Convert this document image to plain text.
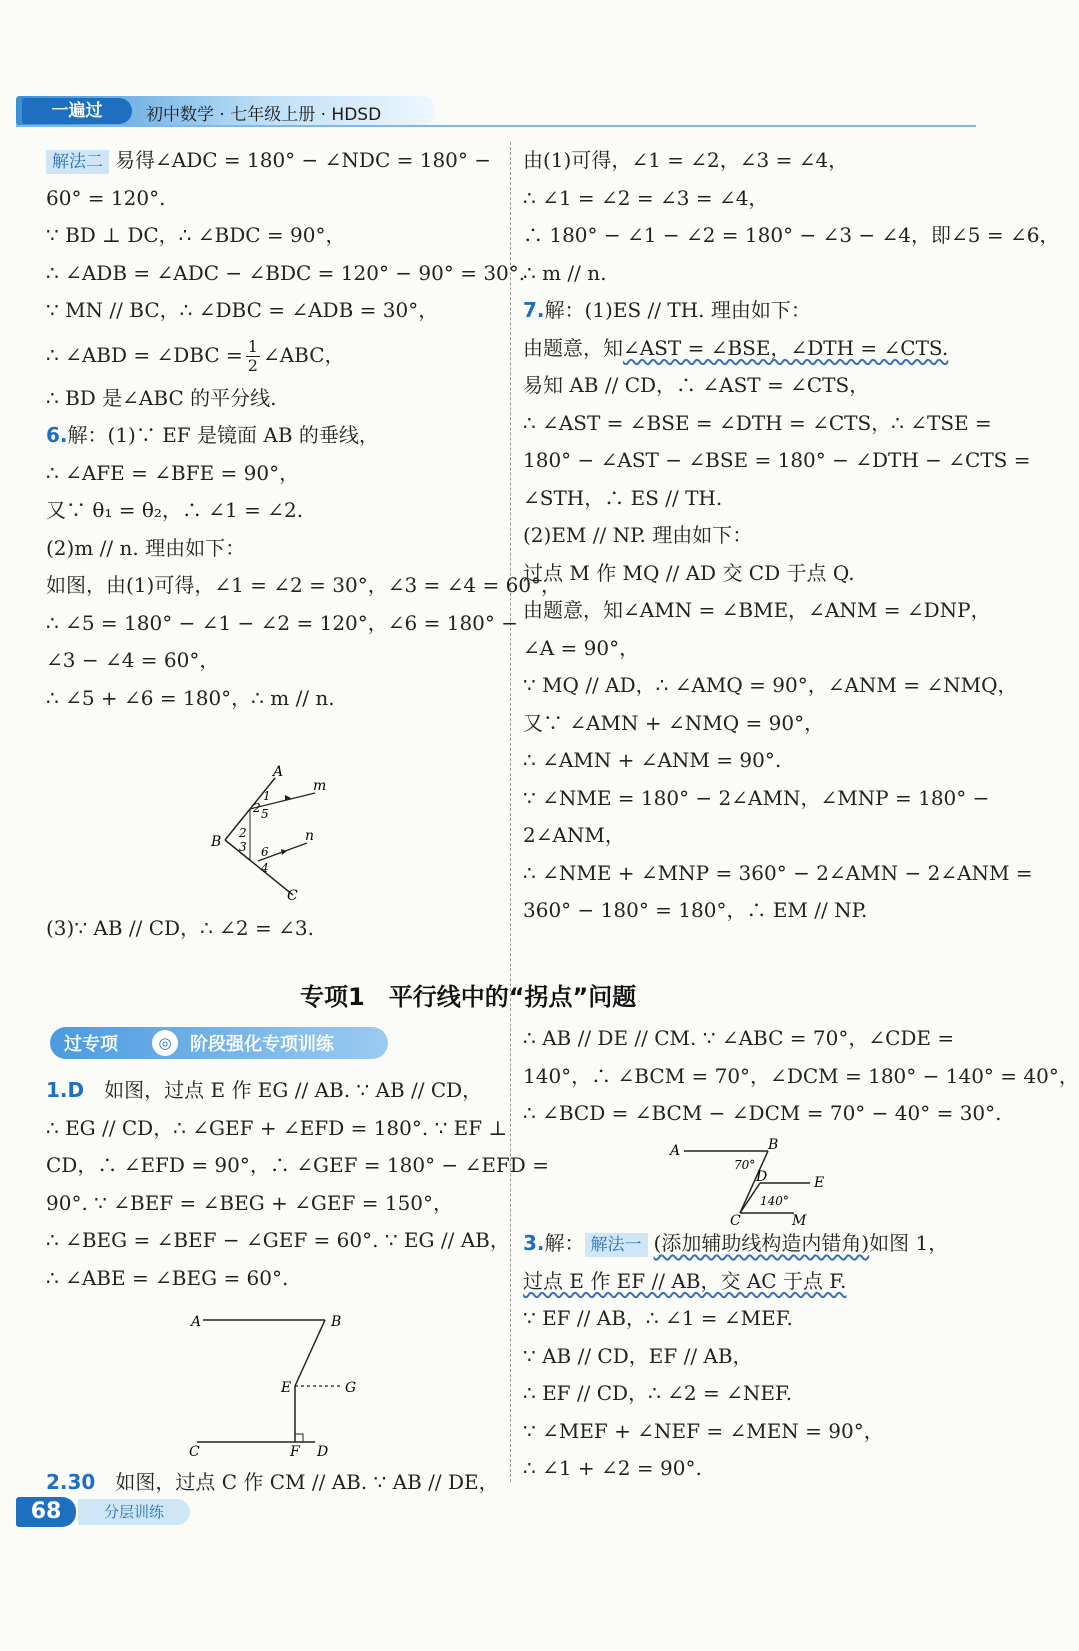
一遍过	初中数学 · 七年级上册 · HDSD
解法二 易得∠ADC = 180° − ∠NDC = 180° −
60° = 120°.
∵ BD ⊥ DC，∴ ∠BDC = 90°，
∴ ∠ADB = ∠ADC − ∠BDC = 120° − 90° = 30°.
∵ MN // BC，∴ ∠DBC = ∠ADB = 30°，
∴ ∠ABD = ∠DBC = $\frac{1}{2}$ ∠ABC，
∴ BD 是∠ABC 的平分线.
6.解：(1)∵ EF 是镜面 AB 的垂线，
∴ ∠AFE = ∠BFE = 90°，
又∵ θ₁ = θ₂，∴ ∠1 = ∠2.
(2)m // n. 理由如下：
如图，由(1)可得，∠1 = ∠2 = 30°，∠3 = ∠4 = 60°，
∴ ∠5 = 180° − ∠1 − ∠2 = 120°，∠6 = 180° −
∠3 − ∠4 = 60°，
∴ ∠5 + ∠6 = 180°，∴ m // n.
A
B
C
m
n
1
2 5
2
3 6
4
(3)∵ AB // CD，∴ ∠2 = ∠3.
专项1　平行线中的“拐点”问题
过专项	◎	阶段强化专项训练
1.D　 如图，过点 E 作 EG // AB. ∵ AB // CD，
∴ EG // CD，∴ ∠GEF + ∠EFD = 180°. ∵ EF ⊥
CD，∴ ∠EFD = 90°，∴ ∠GEF = 180° − ∠EFD =
90°. ∵ ∠BEF = ∠BEG + ∠GEF = 150°，
∴ ∠BEG = ∠BEF − ∠GEF = 60°. ∵ EG // AB，
∴ ∠ABE = ∠BEG = 60°.
A	B
E	G
C	F D
2.30　 如图，过点 C 作 CM // AB. ∵ AB // DE，
由(1)可得，∠1 = ∠2，∠3 = ∠4，
∴ ∠1 = ∠2 = ∠3 = ∠4，
∴ 180° − ∠1 − ∠2 = 180° − ∠3 − ∠4，即∠5 = ∠6，
∴ m // n.
7.解：(1)ES // TH. 理由如下：
由题意，知∠AST = ∠BSE，∠DTH = ∠CTS.
易知 AB // CD，∴ ∠AST = ∠CTS，
∴ ∠AST = ∠BSE = ∠DTH = ∠CTS，∴ ∠TSE =
180° − ∠AST − ∠BSE = 180° − ∠DTH − ∠CTS =
∠STH，∴ ES // TH.
(2)EM // NP. 理由如下：
过点 M 作 MQ // AD 交 CD 于点 Q.
由题意，知∠AMN = ∠BME，∠ANM = ∠DNP，
∠A = 90°，
∵ MQ // AD，∴ ∠AMQ = 90°，∠ANM = ∠NMQ，
又∵ ∠AMN + ∠NMQ = 90°，
∴ ∠AMN + ∠ANM = 90°.
∵ ∠NME = 180° − 2∠AMN，∠MNP = 180° −
2∠ANM，
∴ ∠NME + ∠MNP = 360° − 2∠AMN − 2∠ANM =
360° − 180° = 180°，∴ EM // NP.
∴ AB // DE // CM. ∵ ∠ABC = 70°，∠CDE =
140°，∴ ∠BCM = 70°，∠DCM = 180° − 140° = 40°，
∴ ∠BCD = ∠BCM − ∠DCM = 70° − 40° = 30°.
A	B
70°
D	E
140°
C	M
3.解： 解法一 (添加辅助线构造内错角)如图 1，
过点 E 作 EF // AB，交 AC 于点 F.
∵ EF // AB，∴ ∠1 = ∠MEF.
∵ AB // CD，EF // AB，
∴ EF // CD，∴ ∠2 = ∠NEF.
∵ ∠MEF + ∠NEF = ∠MEN = 90°，
∴ ∠1 + ∠2 = 90°.
68	分层训练
